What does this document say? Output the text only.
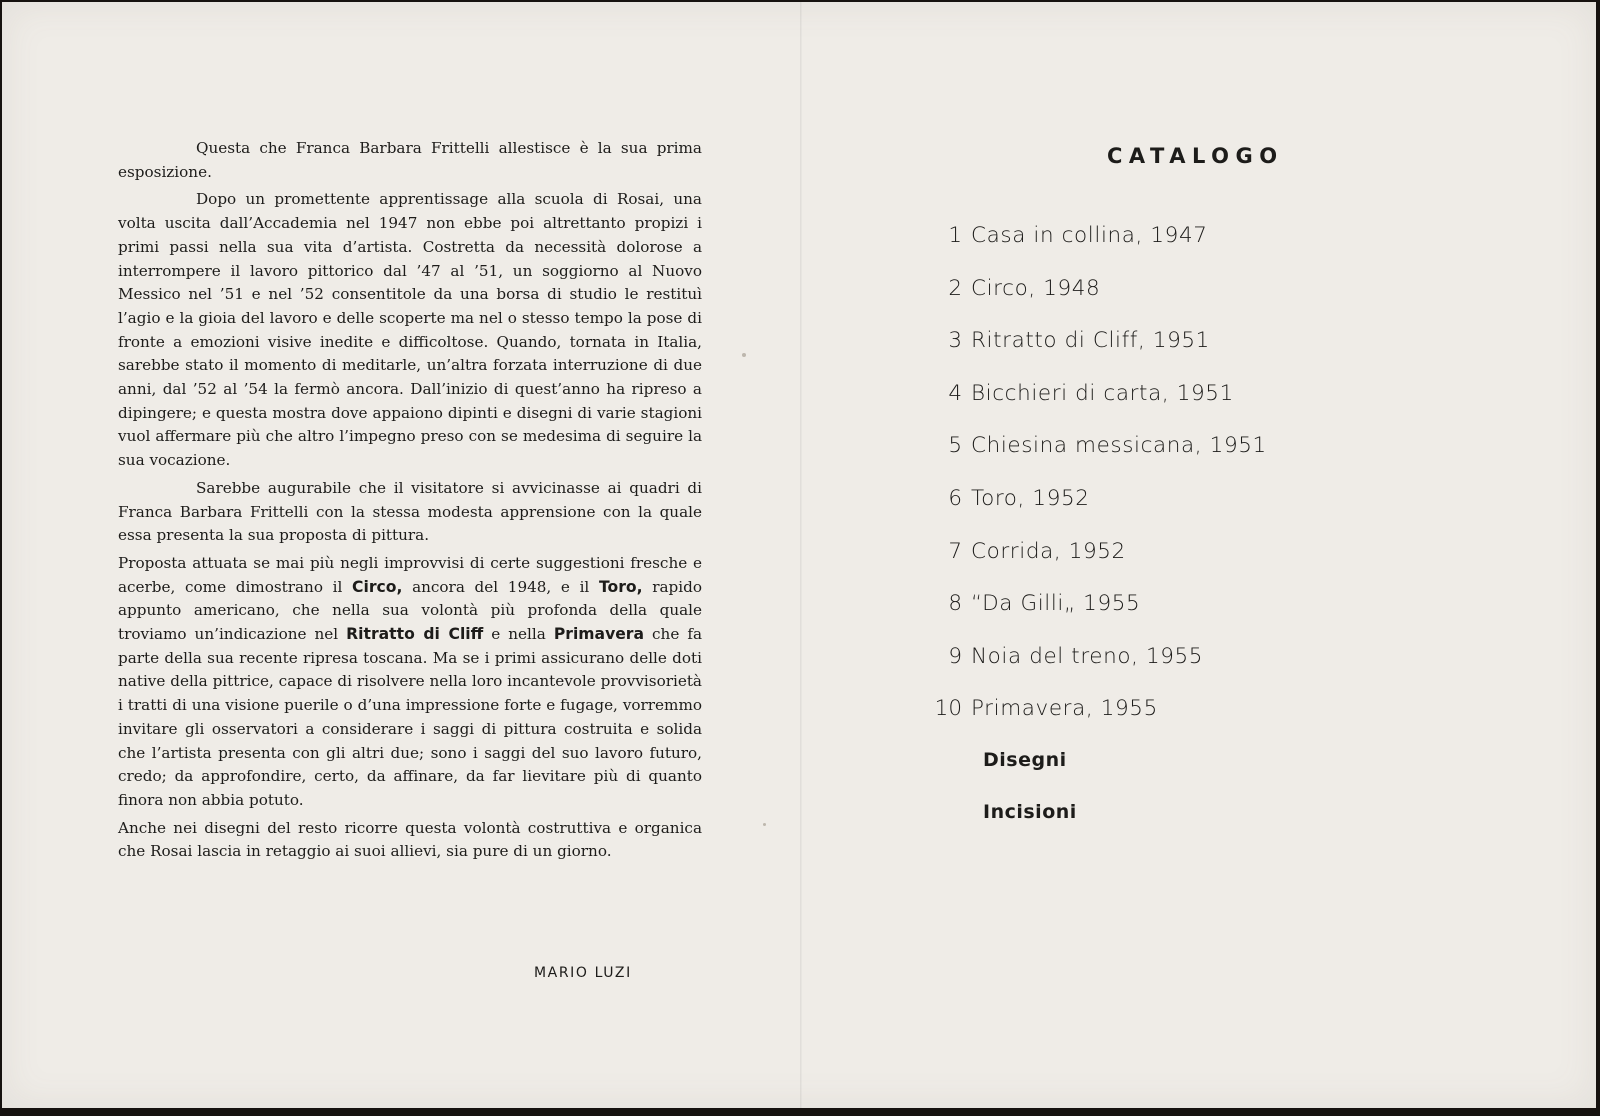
Questa che Franca Barbara Frittelli allestisce è la sua prima esposizione.

Dopo un promettente apprentissage alla scuola di Rosai, una volta uscita dall’Accademia nel 1947 non ebbe poi altrettanto propizi i primi passi nella sua vita d’artista. Costretta da necessità dolorose a interrompere il lavoro pittorico dal ’47 al ’51, un soggiorno al Nuovo Messico nel ’51 e nel ’52 consentitole da una borsa di studio le restituì l’agio e la gioia del lavoro e delle scoperte ma nel o stesso tempo la pose di fronte a emozioni visive inedite e difficoltose. Quando, tornata in Italia, sarebbe stato il momento di meditarle, un’altra forzata interruzione di due anni, dal ’52 al ’54 la fermò ancora. Dall’inizio di quest’anno ha ripreso a dipingere; e questa mostra dove appaiono dipinti e disegni di varie stagioni vuol affermare più che altro l’impegno preso con se medesima di seguire la sua vocazione.

Sarebbe augurabile che il visitatore si avvicinasse ai quadri di Franca Barbara Frittelli con la stessa modesta apprensione con la quale essa presenta la sua proposta di pittura.

Proposta attuata se mai più negli improvvisi di certe suggestioni fresche e acerbe, come dimostrano il Circo, ancora del 1948, e il Toro, rapido appunto americano, che nella sua volontà più profonda della quale troviamo un’indicazione nel Ritratto di Cliff e nella Primavera che fa parte della sua recente ripresa toscana. Ma se i primi assicurano delle doti native della pittrice, capace di risolvere nella loro incantevole provvisorietà i tratti di una visione puerile o d’una impressione forte e fugage, vorremmo invitare gli osservatori a considerare i saggi di pittura costruita e solida che l’artista presenta con gli altri due; sono i saggi del suo lavoro futuro, credo; da approfondire, certo, da affinare, da far lievitare più di quanto finora non abbia potuto.

Anche nei disegni del resto ricorre questa volontà costruttiva e organica che Rosai lascia in retaggio ai suoi allievi, sia pure di un giorno.

MARIO LUZI
CATALOGO
1 Casa in collina, 1947
2 Circo, 1948
3 Ritratto di Cliff, 1951
4 Bicchieri di carta, 1951
5 Chiesina messicana, 1951
6 Toro, 1952
7 Corrida, 1952
8 “Da Gilli„ 1955
9 Noia del treno, 1955
10 Primavera, 1955
Disegni
Incisioni
